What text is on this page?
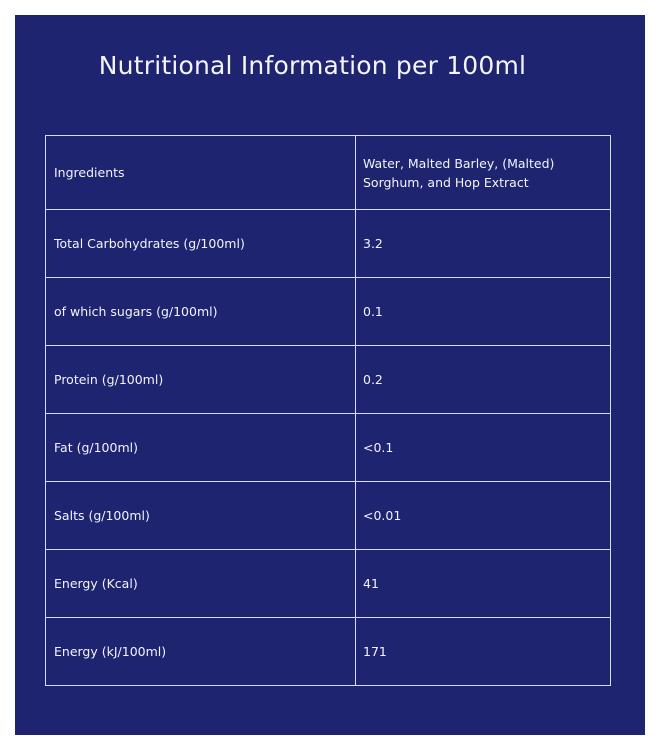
Nutritional Information per 100ml
Ingredients	Water, Malted Barley, (Malted)
Sorghum, and Hop Extract
Total Carbohydrates (g/100ml)	3.2
of which sugars (g/100ml)	0.1
Protein (g/100ml)	0.2
Fat (g/100ml)	<0.1
Salts (g/100ml)	<0.01
Energy (Kcal)	41
Energy (kJ/100ml)	171
